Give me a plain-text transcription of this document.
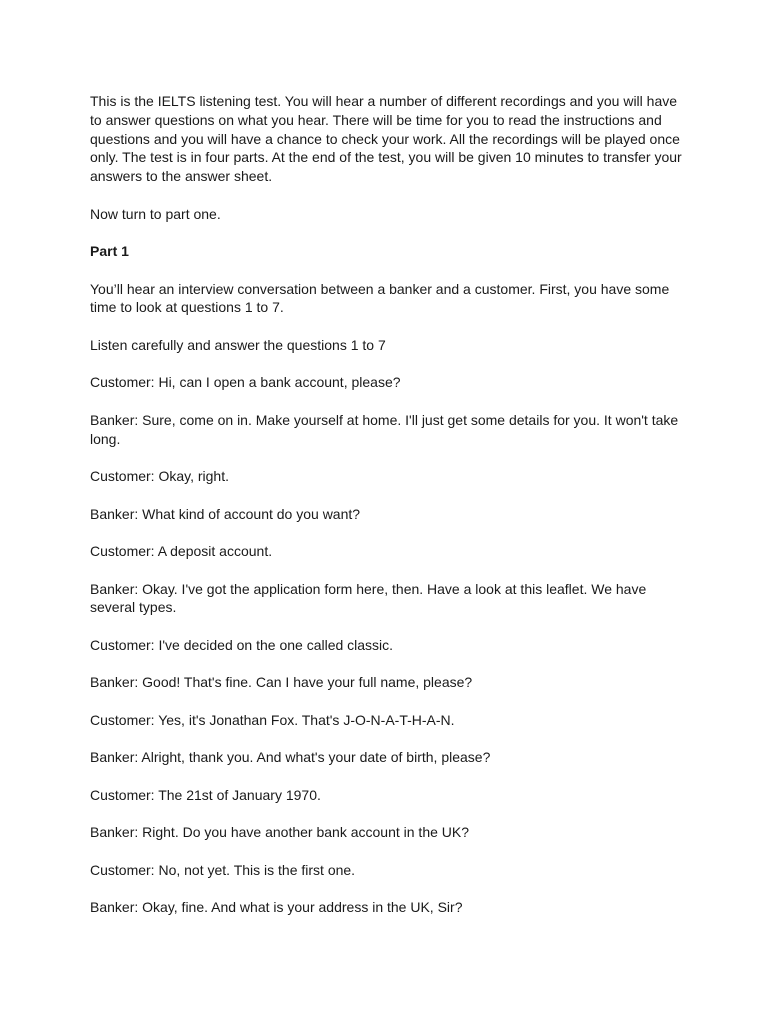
This is the IELTS listening test. You will hear a number of different recordings and you will have to answer questions on what you hear. There will be time for you to read the instructions and questions and you will have a chance to check your work. All the recordings will be played once only. The test is in four parts. At the end of the test, you will be given 10 minutes to transfer your answers to the answer sheet.

Now turn to part one.

Part 1

You’ll hear an interview conversation between a banker and a customer. First, you have some time to look at questions 1 to 7.

Listen carefully and answer the questions 1 to 7

Customer: Hi, can I open a bank account, please?

Banker: Sure, come on in. Make yourself at home. I'll just get some details for you. It won't take long.

Customer: Okay, right.

Banker: What kind of account do you want?

Customer: A deposit account.

Banker: Okay. I've got the application form here, then. Have a look at this leaflet. We have several types.

Customer: I've decided on the one called classic.

Banker: Good! That's fine. Can I have your full name, please?

Customer: Yes, it's Jonathan Fox. That's J-O-N-A-T-H-A-N.

Banker: Alright, thank you. And what's your date of birth, please?

Customer: The 21st of January 1970.

Banker: Right. Do you have another bank account in the UK?

Customer: No, not yet. This is the first one.

Banker: Okay, fine. And what is your address in the UK, Sir?
